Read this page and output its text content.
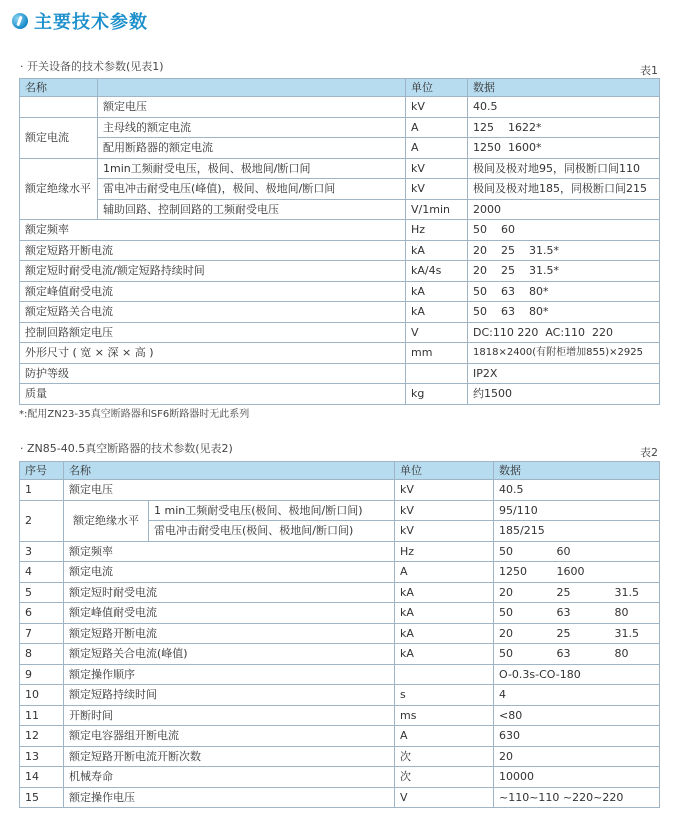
主要技术参数
· 开关设备的技术参数(见表1)	表1
名称		单位	数据
	额定电压	kV	40.5
额定电流	主母线的额定电流	A	125    1622*
	配用断路器的额定电流	A	1250  1600*
额定绝缘水平	1min工频耐受电压，极间、极地间/断口间	kV	极间及极对地95，同极断口间110
	雷电冲击耐受电压(峰值)，极间、极地间/断口间	kV	极间及极对地185，同极断口间215
	辅助回路、控制回路的工频耐受电压	V/1min	2000
额定频率		Hz	50    60
额定短路开断电流		kA	20    25    31.5*
额定短时耐受电流/额定短路持续时间		kA/4s	20    25    31.5*
额定峰值耐受电流		kA	50    63    80*
额定短路关合电流		kA	50    63    80*
控制回路额定电压		V	DC:110 220  AC:110  220
外形尺寸 ( 宽 × 深 × 高 )		mm	1818×2400(有附柜增加855)×2925
防护等级			IP2X
质量		kg	约1500
*:配用ZN23-35真空断路器和SF6断路器时无此系列
· ZN85-40.5真空断路器的技术参数(见表2)	表2
序号	名称		单位	数据		
1	额定电压		kV	40.5		
2	额定绝缘水平	1 min工频耐受电压(极间、极地间/断口间)	kV	95/110		
		雷电冲击耐受电压(极间、极地间/断口间)	kV	185/215		
3	额定频率		Hz	50	60	
4	额定电流		A	1250	1600	
5	额定短时耐受电流		kA	20	25	31.5
6	额定峰值耐受电流		kA	50	63	80
7	额定短路开断电流		kA	20	25	31.5
8	额定短路关合电流(峰值)		kA	50	63	80
9	额定操作顺序			O-0.3s-CO-180		
10	额定短路持续时间		s	4		
11	开断时间		ms	<80		
12	额定电容器组开断电流		A	630		
13	额定短路开断电流开断次数		次	20		
14	机械寿命		次	10000		
15	额定操作电压		V	~110~110 ~220~220		
